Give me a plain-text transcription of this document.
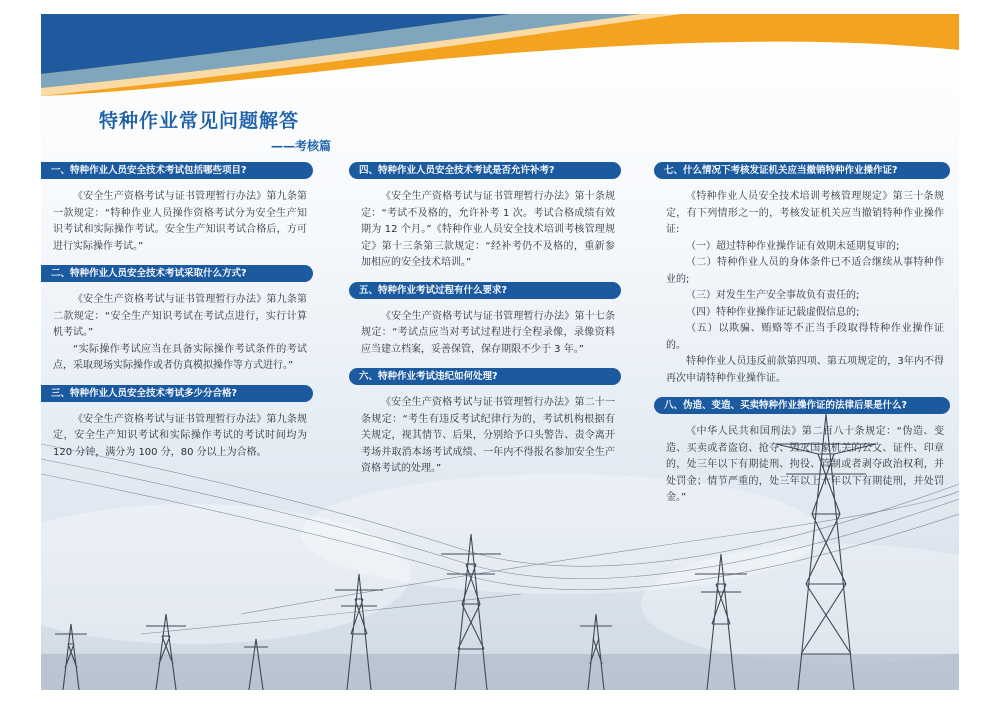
特种作业常见问题解答
——考核篇
一、特种作业人员安全技术考试包括哪些项目?

《安全生产资格考试与证书管理暂行办法》第九条第一款规定：“特种作业人员操作资格考试分为安全生产知识考试和实际操作考试。安全生产知识考试合格后，方可进行实际操作考试。”

二、特种作业人员安全技术考试采取什么方式?

《安全生产资格考试与证书管理暂行办法》第九条第二款规定：“安全生产知识考试在考试点进行，实行计算机考试。”

“实际操作考试应当在具备实际操作考试条件的考试点，采取现场实际操作或者仿真模拟操作等方式进行。”

三、特种作业人员安全技术考试多少分合格?

《安全生产资格考试与证书管理暂行办法》第九条规定，安全生产知识考试和实际操作考试的考试时间均为 120 分钟，满分为 100 分，80 分以上为合格。

四、特种作业人员安全技术考试是否允许补考?

《安全生产资格考试与证书管理暂行办法》第十条规定：“考试不及格的，允许补考 1 次。考试合格成绩有效期为 12 个月。”《特种作业人员安全技术培训考核管理规定》第十三条第三款规定：“经补考仍不及格的，重新参加相应的安全技术培训。”

五、特种作业考试过程有什么要求?

《安全生产资格考试与证书管理暂行办法》第十七条规定：“考试点应当对考试过程进行全程录像，录像资料应当建立档案，妥善保管，保存期限不少于 3 年。”

六、特种作业考试违纪如何处理?

《安全生产资格考试与证书管理暂行办法》第二十一条规定：“考生有违反考试纪律行为的，考试机构根据有关规定，视其情节、后果，分别给予口头警告、责令离开考场并取消本场考试成绩、一年内不得报名参加安全生产资格考试的处理。”

七、什么情况下考核发证机关应当撤销特种作业操作证?

《特种作业人员安全技术培训考核管理规定》第三十条规定，有下列情形之一的，考核发证机关应当撤销特种作业操作证:

（一）超过特种作业操作证有效期未延期复审的;

（二）特种作业人员的身体条件已不适合继续从事特种作业的;

（三）对发生生产安全事故负有责任的;

（四）特种作业操作证记载虚假信息的;

（五）以欺骗、贿赂等不正当手段取得特种作业操作证的。

特种作业人员违反前款第四项、第五项规定的，3年内不得再次申请特种作业操作证。

八、伪造、变造、买卖特种作业操作证的法律后果是什么?

《中华人民共和国刑法》第二百八十条规定：“伪造、变造、买卖或者盗窃、抢夺、毁灭国家机关的公文、证件、印章的，处三年以下有期徒刑、拘役、管制或者剥夺政治权利，并处罚金；情节严重的，处三年以上十年以下有期徒刑，并处罚金。”
